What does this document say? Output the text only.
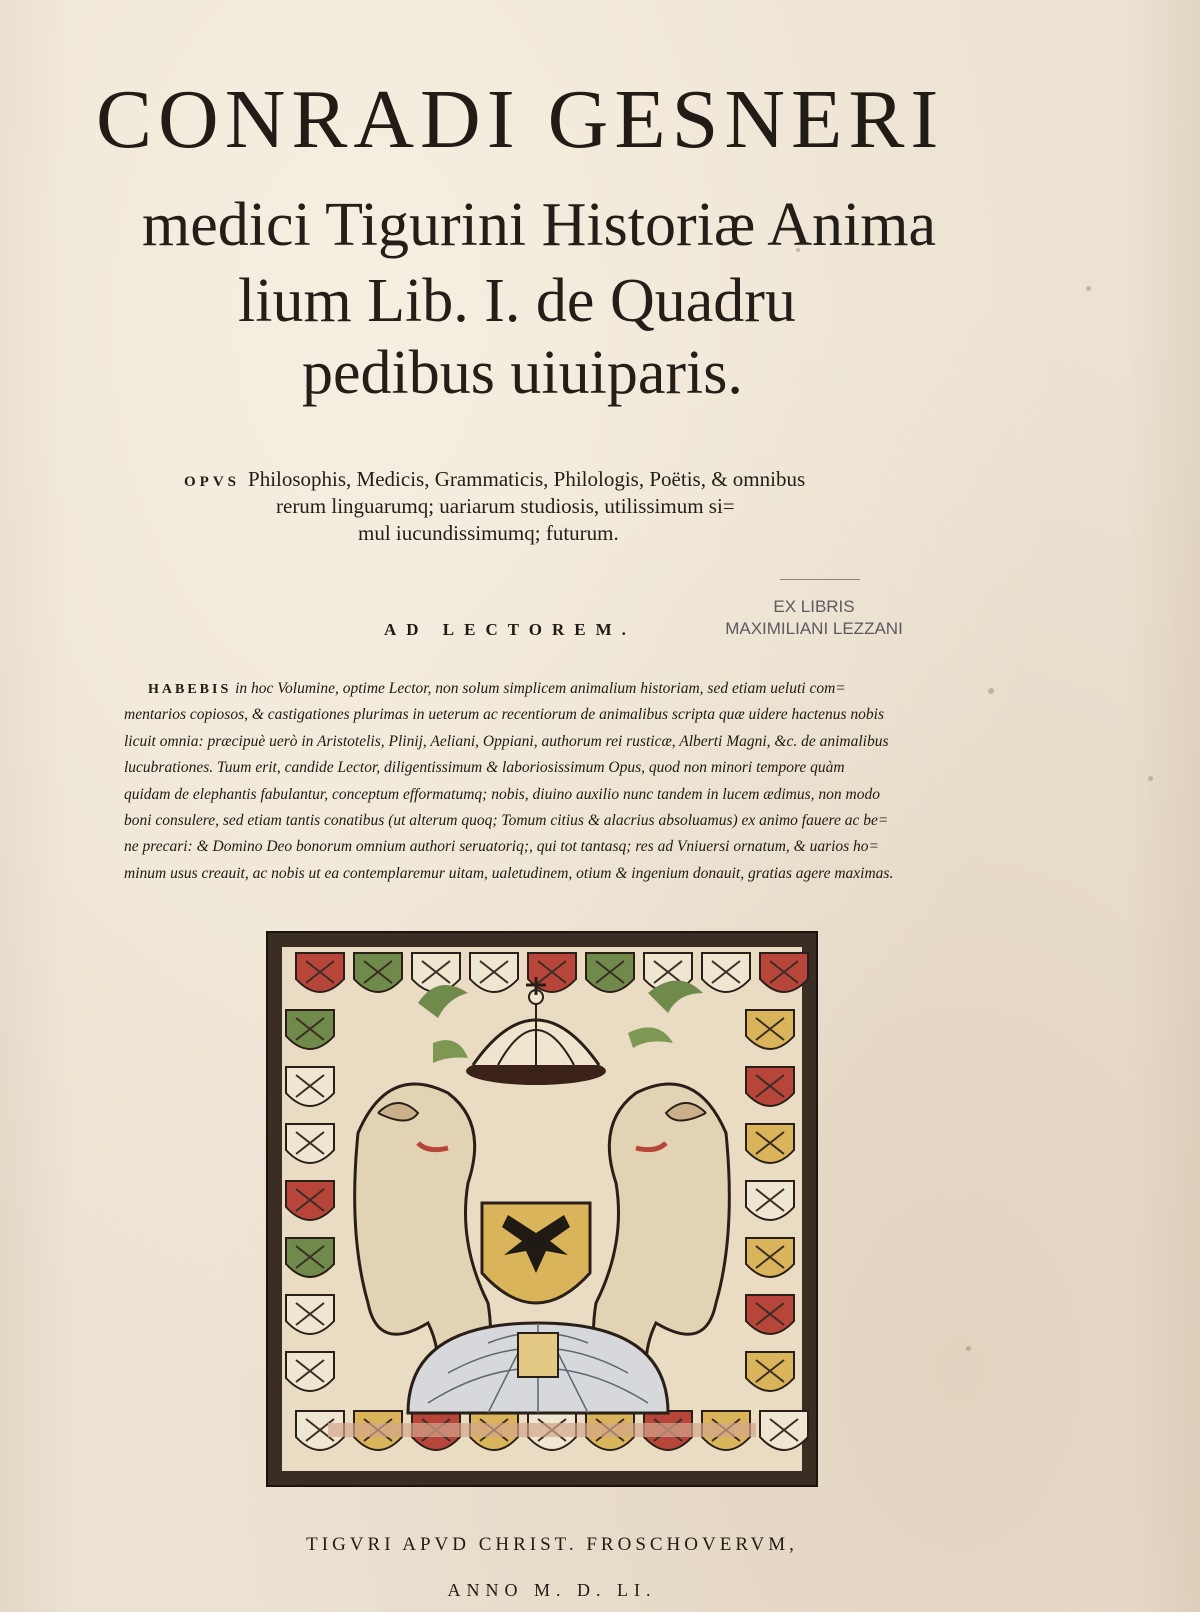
CONRADI GESNERI
medici Tigurini Historiæ Anima
lium Lib. I. de Quadru
pedibus uiuiparis.
OPVS Philosophis, Medicis, Grammaticis, Philologis, Poëtis, & omnibus
rerum linguarumq; uariarum studiosis, utilissimum si=
mul iucundissimumq; futurum.
EX LIBRIS
MAXIMILIANI LEZZANI
AD LECTOREM.
HABEBIS in hoc Volumine, optime Lector, non solum simplicem animalium historiam, sed etiam ueluti com=
mentarios copiosos, & castigationes plurimas in ueterum ac recentiorum de animalibus scripta quæ uidere hactenus nobis
licuit omnia: præcipuè uerò in Aristotelis, Plinij, Aeliani, Oppiani, authorum rei rusticæ, Alberti Magni, &c. de animalibus
lucubrationes. Tuum erit, candide Lector, diligentissimum & laboriosissimum Opus, quod non minori tempore quàm
quidam de elephantis fabulantur, conceptum efformatumq; nobis, diuino auxilio nunc tandem in lucem ædimus, non modo
boni consulere, sed etiam tantis conatibus (ut alterum quoq; Tomum citius & alacrius absoluamus) ex animo fauere ac be=
ne precari: & Domino Deo bonorum omnium authori seruatoriq;, qui tot tantasq; res ad Vniuersi ornatum, & uarios ho=
minum usus creauit, ac nobis ut ea contemplaremur uitam, ualetudinem, otium & ingenium donauit, gratias agere maximas.
TIGVRI APVD CHRIST. FROSCHOVERVM,
ANNO M. D. LI.
